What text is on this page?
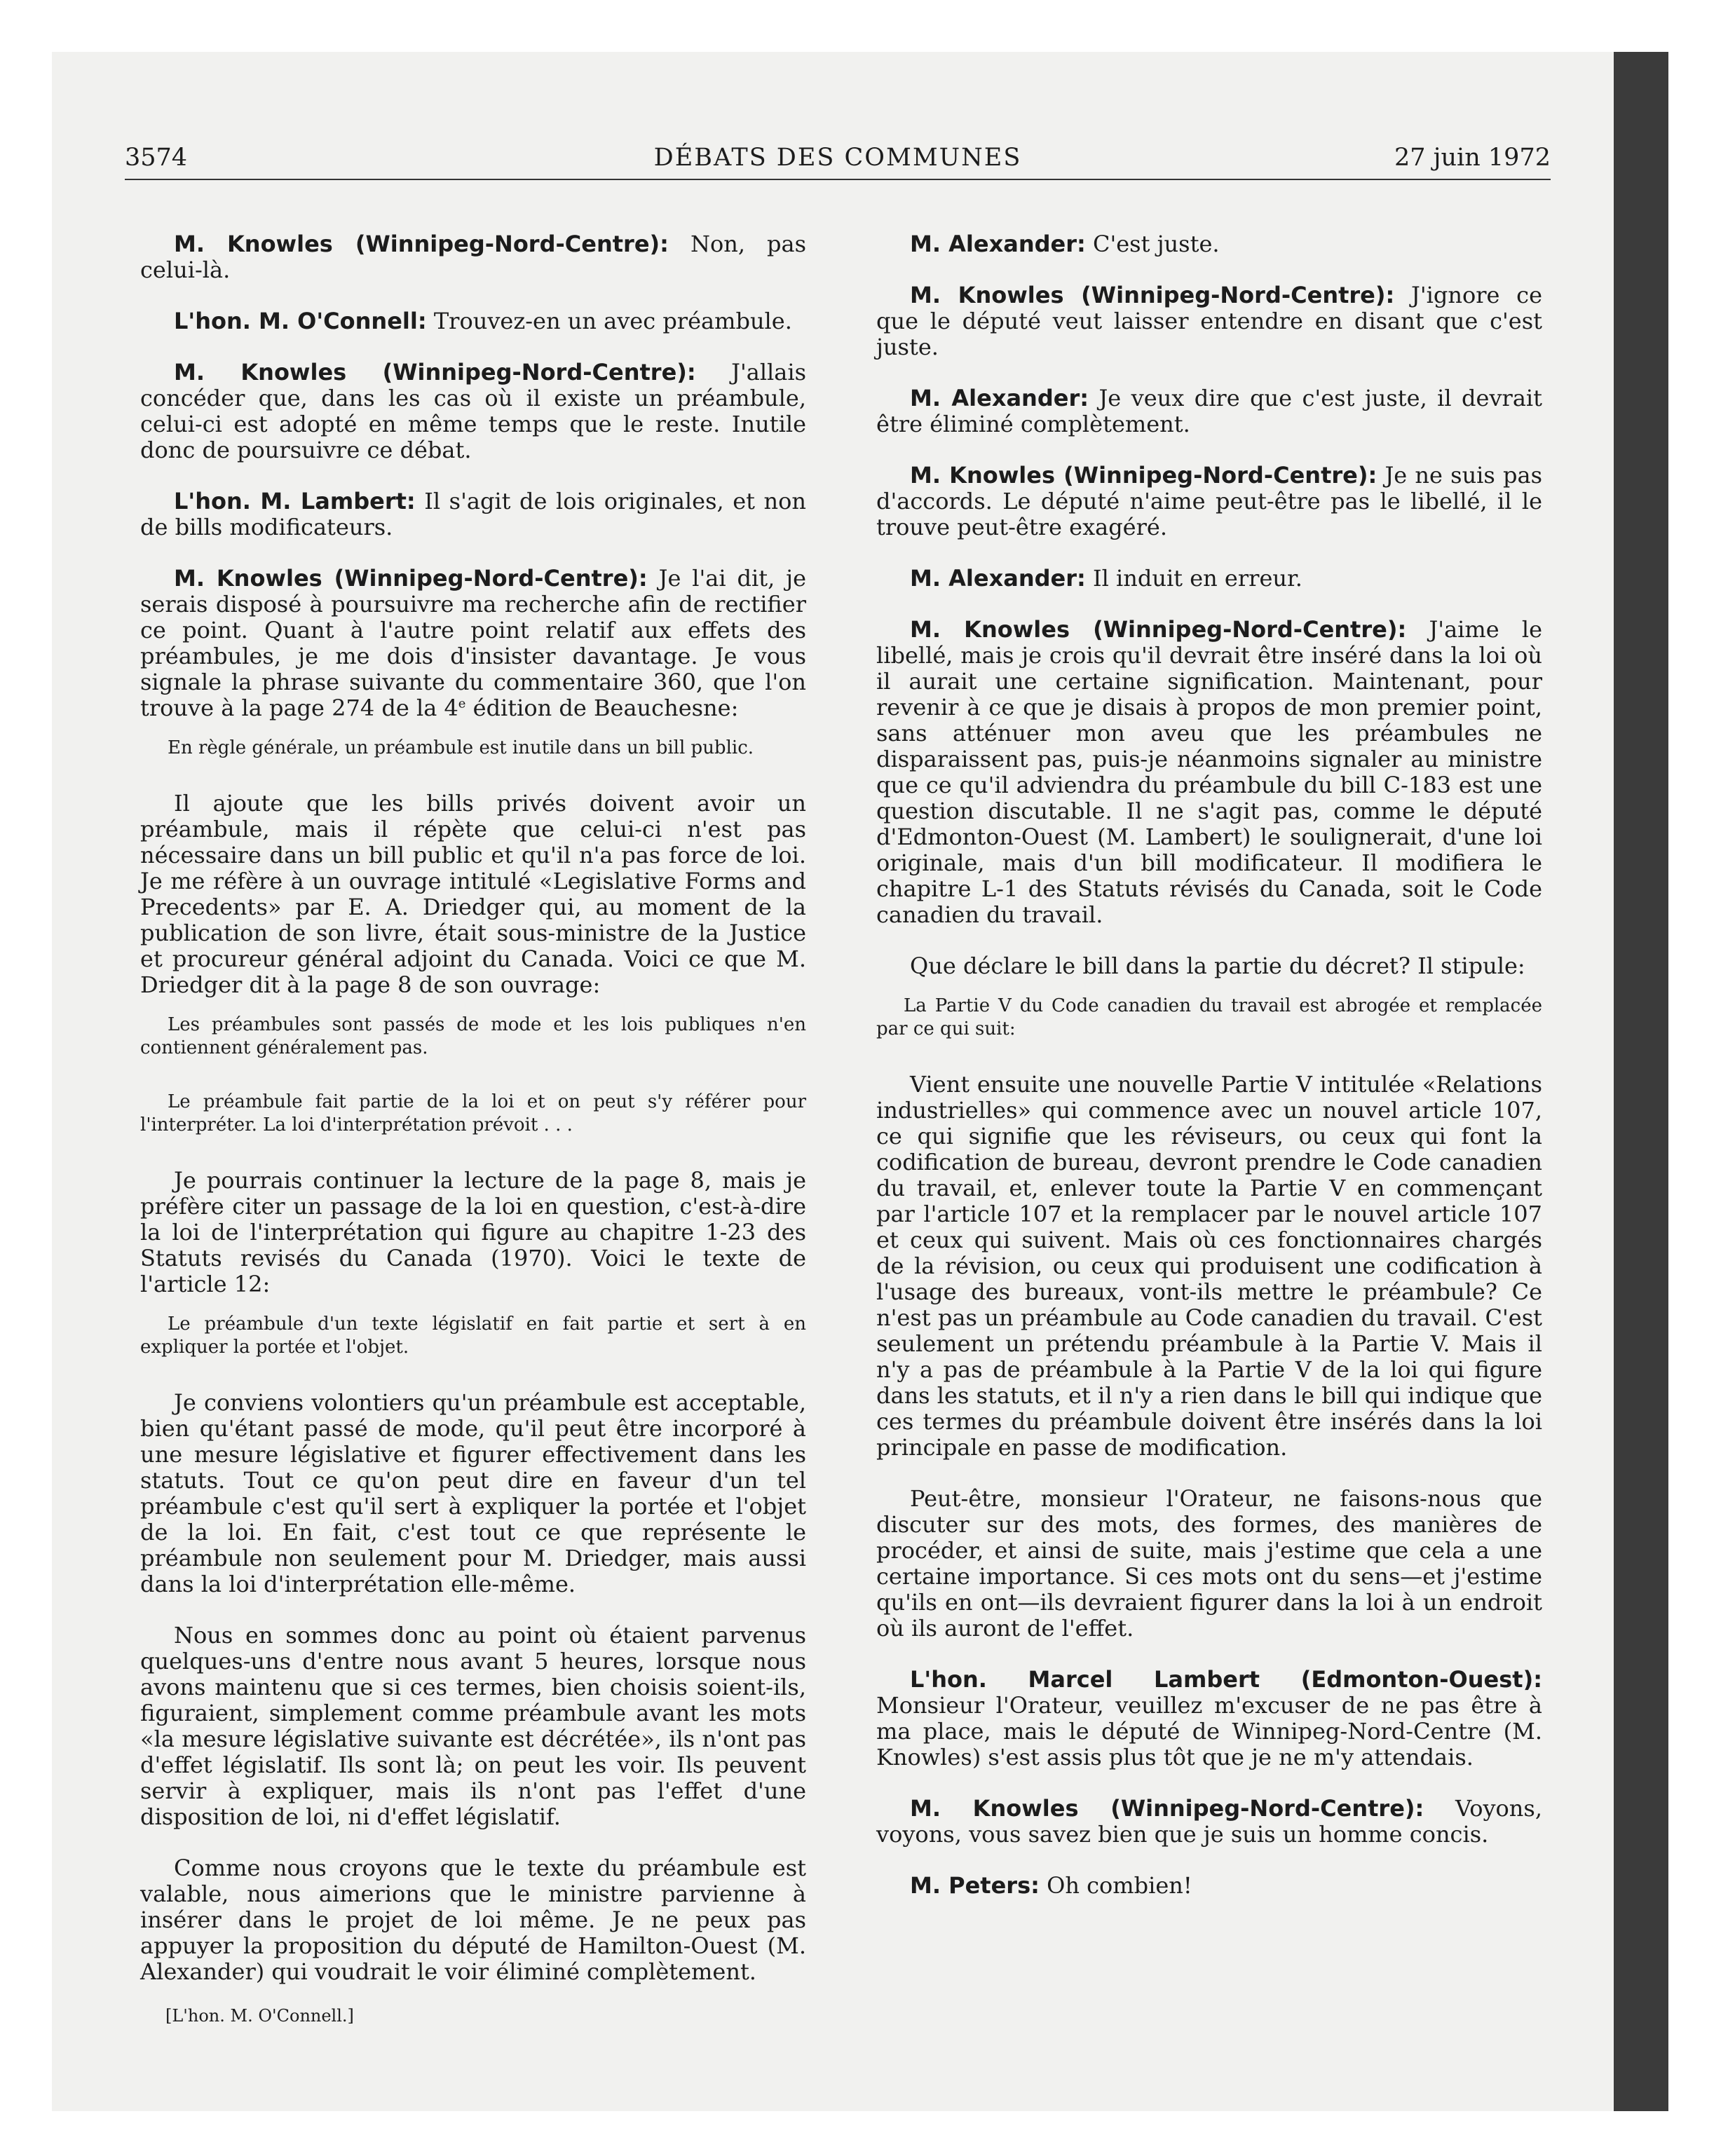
3574	DÉBATS DES COMMUNES	27 juin 1972

M. Knowles (Winnipeg-Nord-Centre): Non, pas celui-là.

L'hon. M. O'Connell: Trouvez-en un avec préambule.

M. Knowles (Winnipeg-Nord-Centre): J'allais concéder que, dans les cas où il existe un préambule, celui-ci est adopté en même temps que le reste. Inutile donc de poursuivre ce débat.

L'hon. M. Lambert: Il s'agit de lois originales, et non de bills modificateurs.

M. Knowles (Winnipeg-Nord-Centre): Je l'ai dit, je serais disposé à poursuivre ma recherche afin de rectifier ce point. Quant à l'autre point relatif aux effets des préambules, je me dois d'insister davantage. Je vous signale la phrase suivante du commentaire 360, que l'on trouve à la page 274 de la 4e édition de Beauchesne:

En règle générale, un préambule est inutile dans un bill public.

Il ajoute que les bills privés doivent avoir un préambule, mais il répète que celui-ci n'est pas nécessaire dans un bill public et qu'il n'a pas force de loi. Je me réfère à un ouvrage intitulé «Legislative Forms and Precedents» par E. A. Driedger qui, au moment de la publication de son livre, était sous-ministre de la Justice et procureur général adjoint du Canada. Voici ce que M. Driedger dit à la page 8 de son ouvrage:

Les préambules sont passés de mode et les lois publiques n'en contiennent généralement pas.

Le préambule fait partie de la loi et on peut s'y référer pour l'interpréter. La loi d'interprétation prévoit . . .

Je pourrais continuer la lecture de la page 8, mais je préfère citer un passage de la loi en question, c'est-à-dire la loi de l'interprétation qui figure au chapitre 1-23 des Statuts revisés du Canada (1970). Voici le texte de l'article 12:

Le préambule d'un texte législatif en fait partie et sert à en expliquer la portée et l'objet.

Je conviens volontiers qu'un préambule est acceptable, bien qu'étant passé de mode, qu'il peut être incorporé à une mesure législative et figurer effectivement dans les statuts. Tout ce qu'on peut dire en faveur d'un tel préambule c'est qu'il sert à expliquer la portée et l'objet de la loi. En fait, c'est tout ce que représente le préambule non seulement pour M. Driedger, mais aussi dans la loi d'interprétation elle-même.

Nous en sommes donc au point où étaient parvenus quelques-uns d'entre nous avant 5 heures, lorsque nous avons maintenu que si ces termes, bien choisis soient-ils, figuraient, simplement comme préambule avant les mots «la mesure législative suivante est décrétée», ils n'ont pas d'effet législatif. Ils sont là; on peut les voir. Ils peuvent servir à expliquer, mais ils n'ont pas l'effet d'une disposition de loi, ni d'effet législatif.

Comme nous croyons que le texte du préambule est valable, nous aimerions que le ministre parvienne à insérer dans le projet de loi même. Je ne peux pas appuyer la proposition du député de Hamilton-Ouest (M. Alexander) qui voudrait le voir éliminé complètement.

[L'hon. M. O'Connell.]

M. Alexander: C'est juste.

M. Knowles (Winnipeg-Nord-Centre): J'ignore ce que le député veut laisser entendre en disant que c'est juste.

M. Alexander: Je veux dire que c'est juste, il devrait être éliminé complètement.

M. Knowles (Winnipeg-Nord-Centre): Je ne suis pas d'accords. Le député n'aime peut-être pas le libellé, il le trouve peut-être exagéré.

M. Alexander: Il induit en erreur.

M. Knowles (Winnipeg-Nord-Centre): J'aime le libellé, mais je crois qu'il devrait être inséré dans la loi où il aurait une certaine signification. Maintenant, pour revenir à ce que je disais à propos de mon premier point, sans atténuer mon aveu que les préambules ne disparaissent pas, puis-je néanmoins signaler au ministre que ce qu'il adviendra du préambule du bill C-183 est une question discutable. Il ne s'agit pas, comme le député d'Edmonton-Ouest (M. Lambert) le soulignerait, d'une loi originale, mais d'un bill modificateur. Il modifiera le chapitre L-1 des Statuts révisés du Canada, soit le Code canadien du travail.

Que déclare le bill dans la partie du décret? Il stipule:

La Partie V du Code canadien du travail est abrogée et remplacée par ce qui suit:

Vient ensuite une nouvelle Partie V intitulée «Relations industrielles» qui commence avec un nouvel article 107, ce qui signifie que les réviseurs, ou ceux qui font la codification de bureau, devront prendre le Code canadien du travail, et, enlever toute la Partie V en commençant par l'article 107 et la remplacer par le nouvel article 107 et ceux qui suivent. Mais où ces fonctionnaires chargés de la révision, ou ceux qui produisent une codification à l'usage des bureaux, vont-ils mettre le préambule? Ce n'est pas un préambule au Code canadien du travail. C'est seulement un prétendu préambule à la Partie V. Mais il n'y a pas de préambule à la Partie V de la loi qui figure dans les statuts, et il n'y a rien dans le bill qui indique que ces termes du préambule doivent être insérés dans la loi principale en passe de modification.

Peut-être, monsieur l'Orateur, ne faisons-nous que discuter sur des mots, des formes, des manières de procéder, et ainsi de suite, mais j'estime que cela a une certaine importance. Si ces mots ont du sens—et j'estime qu'ils en ont—ils devraient figurer dans la loi à un endroit où ils auront de l'effet.

L'hon. Marcel Lambert (Edmonton-Ouest): Monsieur l'Orateur, veuillez m'excuser de ne pas être à ma place, mais le député de Winnipeg-Nord-Centre (M. Knowles) s'est assis plus tôt que je ne m'y attendais.

M. Knowles (Winnipeg-Nord-Centre): Voyons, voyons, vous savez bien que je suis un homme concis.

M. Peters: Oh combien!
